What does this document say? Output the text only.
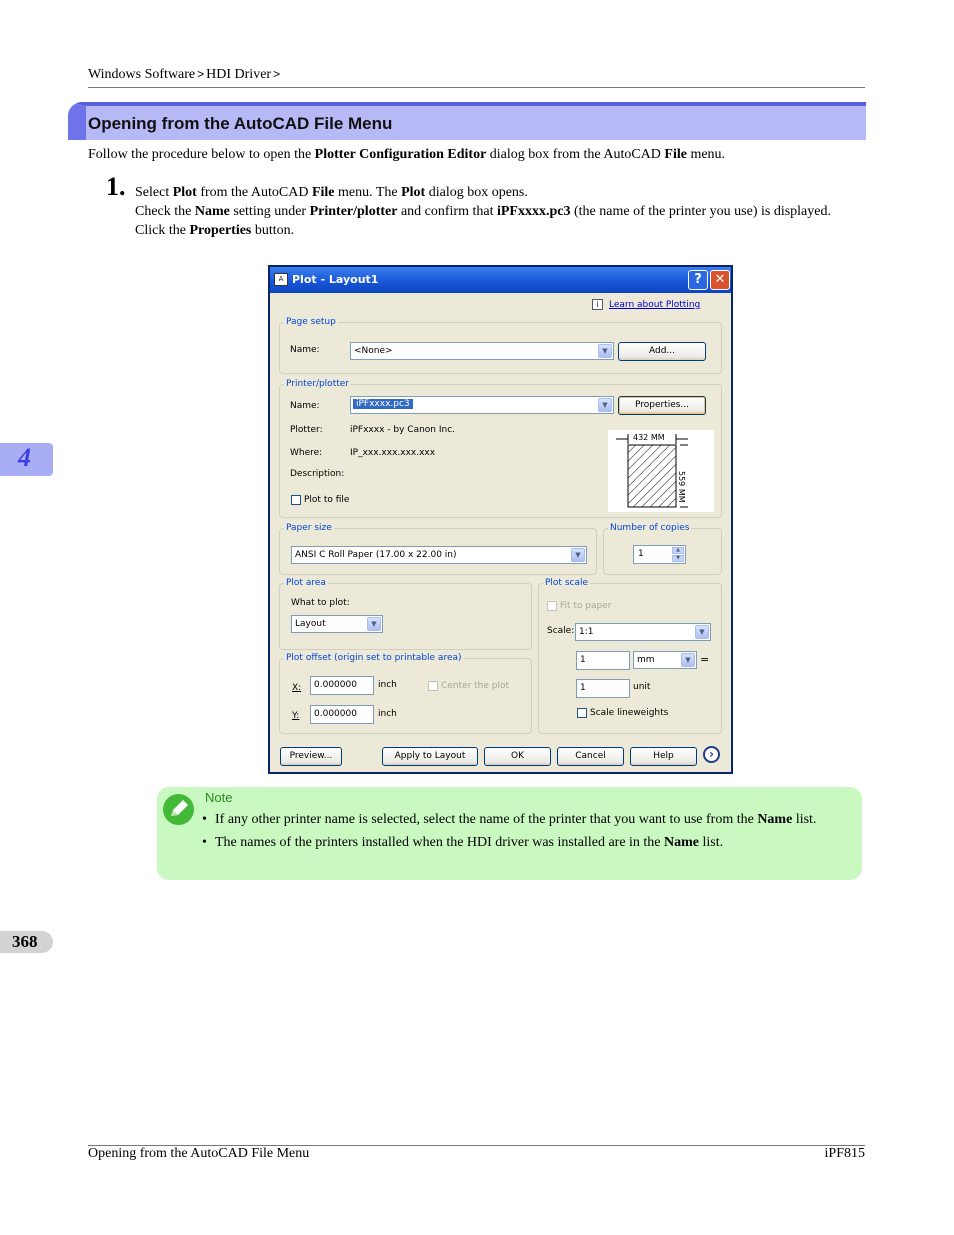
Windows Software > HDI Driver >
Opening from the AutoCAD File Menu

Follow the procedure below to open the Plotter Configuration Editor dialog box from the AutoCAD File menu.

1. Select Plot from the AutoCAD File menu. The Plot dialog box opens.

Check the Name setting under Printer/plotter and confirm that iPFxxxx.pc3 (the name of the printer you use) is displayed.

Click the Properties button.

4
A Plot - Layout1	? ✕
i Learn about Plotting
Page setup
Name:	<None>	▼	Add...
Printer/plotter
Name:	iPFxxxx.pc3	▼	Properties...
Plotter:	iPFxxxx - by Canon Inc.
Where:	IP_xxx.xxx.xxx.xxx
Description:
Plot to file
432 MM
559 MM
Paper size
ANSI C Roll Paper (17.00 x 22.00 in)	▼
Number of copies
1	▲
▼
Plot area
What to plot:
Layout	▼
Plot offset (origin set to printable area)
X: 0.000000 inch	Center the plot
Y: 0.000000 inch
Plot scale
Fit to paper
Scale: 1:1	▼
1	mm	▼ =
1	unit
Scale lineweights
Preview...	Apply to Layout	OK	Cancel	Help	›
Note
• If any other printer name is selected, select the name of the printer that you want to use from the Name list.
• The names of the printers installed when the HDI driver was installed are in the Name list.
368
Opening from the AutoCAD File Menu	iPF815
